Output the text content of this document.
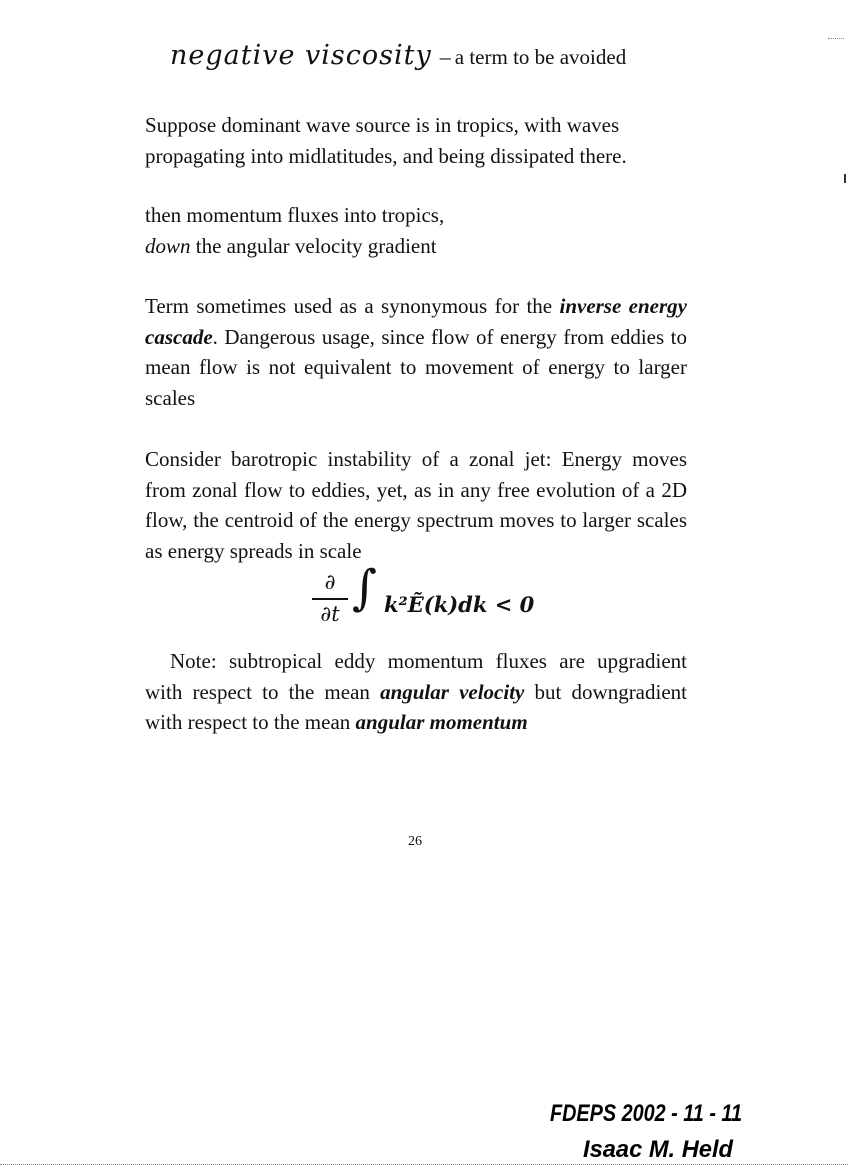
negative viscosity – a term to be avoided
Suppose dominant wave source is in tropics, with waves
propagating into midlatitudes, and being dissipated there.
then momentum fluxes into tropics,
down the angular velocity gradient
Term sometimes used as a synonymous for the inverse energy cascade. Dangerous usage, since flow of energy from eddies to mean flow is not equivalent to movement of energy to larger scales
Consider barotropic instability of a zonal jet: Energy moves from zonal flow to eddies, yet, as in any free evolution of a 2D flow, the centroid of the energy spectrum moves to larger scales as energy spreads in scale
∂
∂t ∫ k²Ẽ(k)dk < 0
Note: subtropical eddy momentum fluxes are upgradient with respect to the mean angular velocity but downgradient with respect to the mean angular momentum
26
FDEPS 2002 - 11 - 11
Isaac M. Held
